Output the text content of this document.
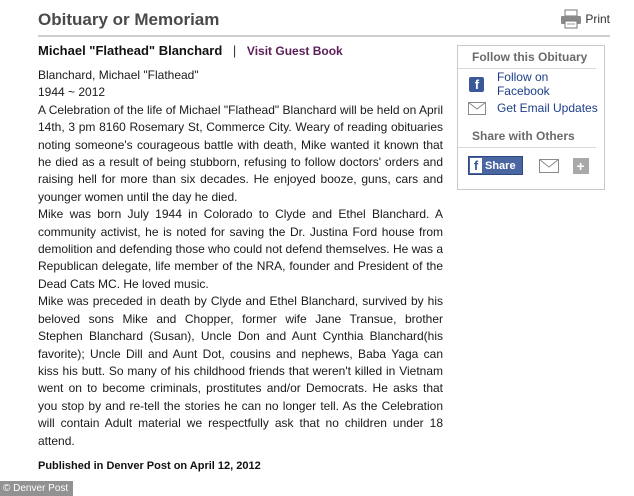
Obituary or Memoriam	Print
Michael "Flathead" Blanchard | Visit Guest Book
Blanchard, Michael "Flathead"
1944 ~ 2012

A Celebration of the life of Michael "Flathead" Blanchard will be held on April 14th, 3 pm 8160 Rosemary St, Commerce City. Weary of reading obituaries noting someone's courageous battle with death, Mike wanted it known that he died as a result of being stubborn, refusing to follow doctors' orders and raising hell for more than six decades. He enjoyed booze, guns, cars and younger women until the day he died.

Mike was born July 1944 in Colorado to Clyde and Ethel Blanchard. A community activist, he is noted for saving the Dr. Justina Ford house from demolition and defending those who could not defend themselves. He was a Republican delegate, life member of the NRA, founder and President of the Dead Cats MC. He loved music.

Mike was preceded in death by Clyde and Ethel Blanchard, survived by his beloved sons Mike and Chopper, former wife Jane Transue, brother Stephen Blanchard (Susan), Uncle Don and Aunt Cynthia Blanchard(his favorite); Uncle Dill and Aunt Dot, cousins and nephews, Baba Yaga can kiss his butt. So many of his childhood friends that weren't killed in Vietnam went on to become criminals, prostitutes and/or Democrats. He asks that you stop by and re-tell the stories he can no longer tell. As the Celebration will contain Adult material we respectfully ask that no children under 18 attend.

Published in Denver Post on April 12, 2012
Follow this Obituary
f	Follow on Facebook
Get Email Updates
Share with Others
f Share	+
© Denver Post
